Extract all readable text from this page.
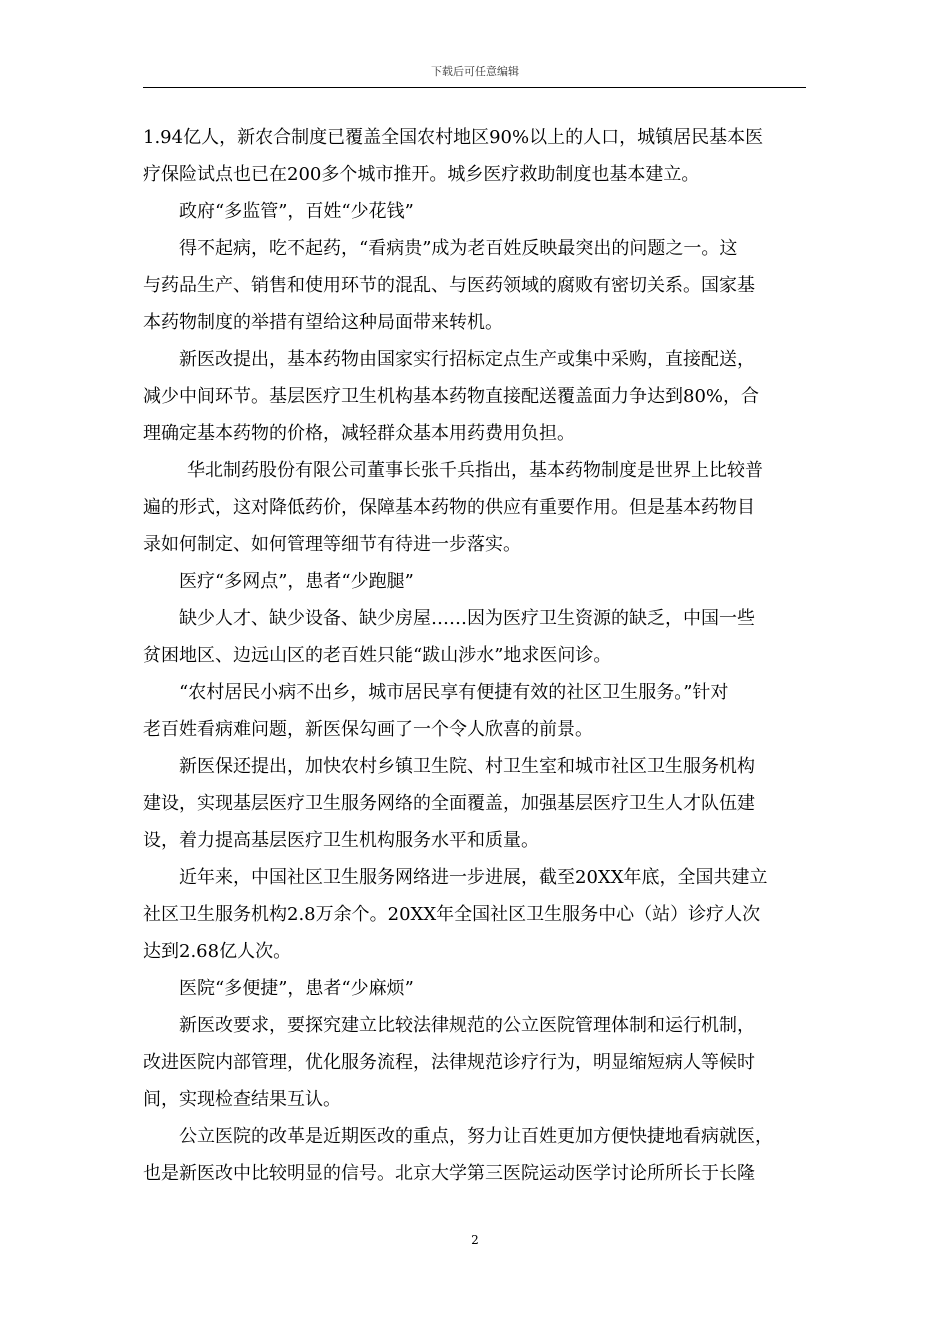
下载后可任意编辑
1.94亿人，新农合制度已覆盖全国农村地区90%以上的人口，城镇居民基本医
疗保险试点也已在200多个城市推开。城乡医疗救助制度也基本建立。
政府“多监管”，百姓“少花钱”
得不起病，吃不起药，“看病贵”成为老百姓反映最突出的问题之一。这
与药品生产、销售和使用环节的混乱、与医药领域的腐败有密切关系。国家基
本药物制度的举措有望给这种局面带来转机。
新医改提出，基本药物由国家实行招标定点生产或集中采购，直接配送，
减少中间环节。基层医疗卫生机构基本药物直接配送覆盖面力争达到80%，合
理确定基本药物的价格，减轻群众基本用药费用负担。
华北制药股份有限公司董事长张千兵指出，基本药物制度是世界上比较普
遍的形式，这对降低药价，保障基本药物的供应有重要作用。但是基本药物目
录如何制定、如何管理等细节有待进一步落实。
医疗“多网点”，患者“少跑腿”
缺少人才、缺少设备、缺少房屋……因为医疗卫生资源的缺乏，中国一些
贫困地区、边远山区的老百姓只能“跋山涉水”地求医问诊。
“农村居民小病不出乡，城市居民享有便捷有效的社区卫生服务。”针对
老百姓看病难问题，新医保勾画了一个令人欣喜的前景。
新医保还提出，加快农村乡镇卫生院、村卫生室和城市社区卫生服务机构
建设，实现基层医疗卫生服务网络的全面覆盖，加强基层医疗卫生人才队伍建
设，着力提高基层医疗卫生机构服务水平和质量。
近年来，中国社区卫生服务网络进一步进展，截至20XX年底，全国共建立
社区卫生服务机构2.8万余个。20XX年全国社区卫生服务中心（站）诊疗人次
达到2.68亿人次。
医院“多便捷”，患者“少麻烦”
新医改要求，要探究建立比较法律规范的公立医院管理体制和运行机制，
改进医院内部管理，优化服务流程，法律规范诊疗行为，明显缩短病人等候时
间，实现检查结果互认。
公立医院的改革是近期医改的重点，努力让百姓更加方便快捷地看病就医，
也是新医改中比较明显的信号。北京大学第三医院运动医学讨论所所长于长隆
2
